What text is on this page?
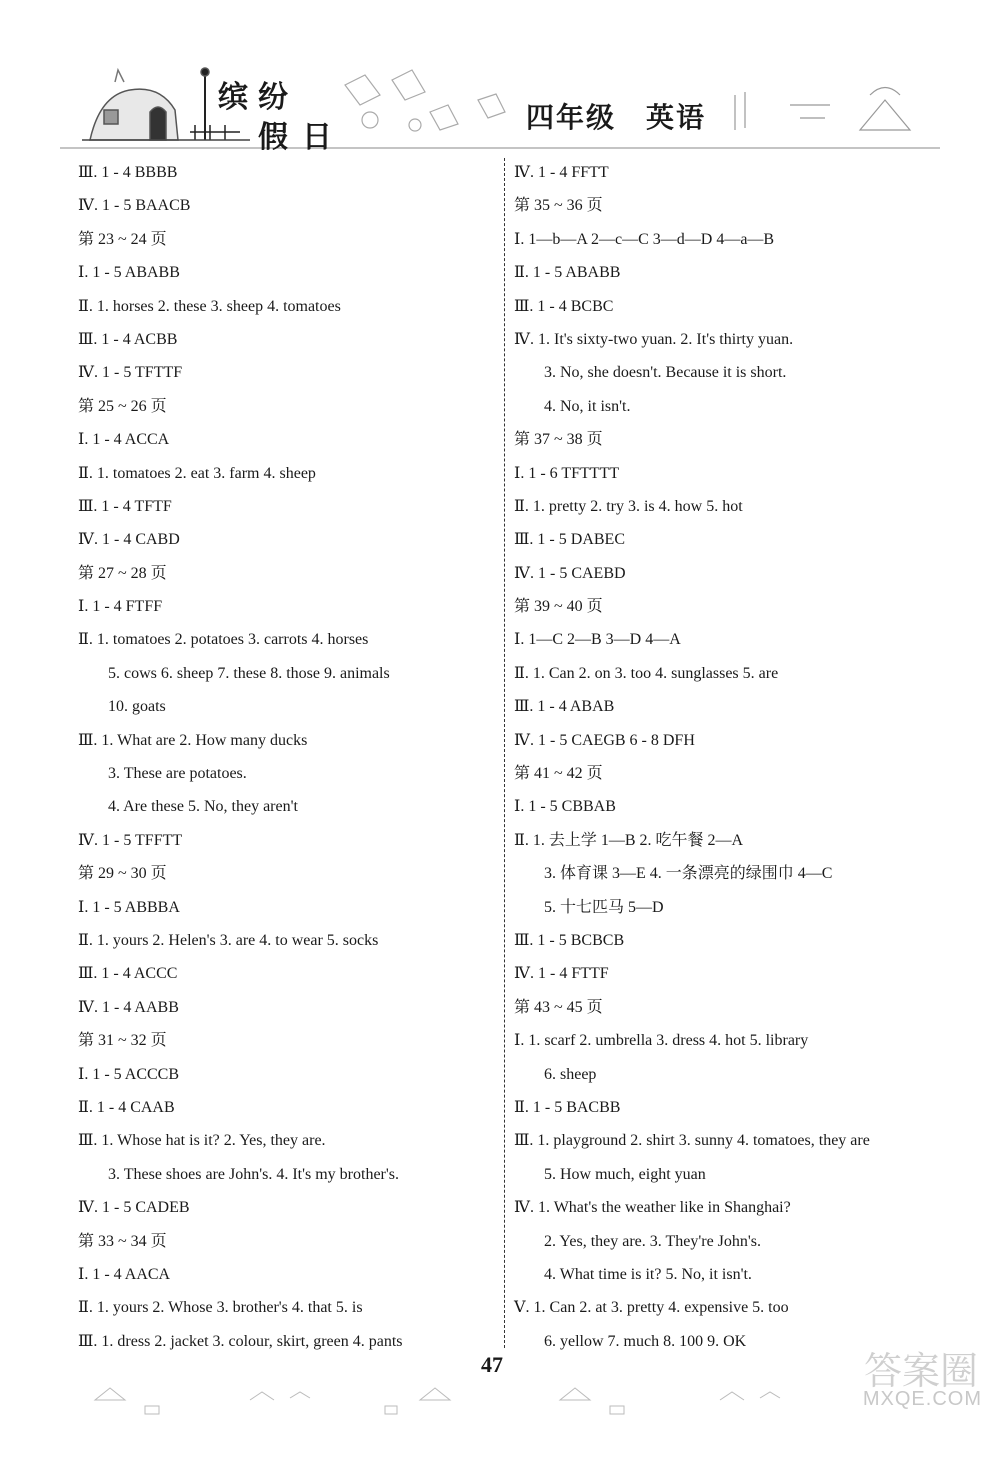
缤纷
假日
四年级 英语
Ⅲ. 1 - 4 BBBB
Ⅳ. 1 - 5 BAACB
第 23 ~ 24 页
Ⅰ. 1 - 5 ABABB
Ⅱ. 1. horses 2. these 3. sheep 4. tomatoes
Ⅲ. 1 - 4 ACBB
Ⅳ. 1 - 5 TFTTF
第 25 ~ 26 页
Ⅰ. 1 - 4 ACCA
Ⅱ. 1. tomatoes 2. eat 3. farm 4. sheep
Ⅲ. 1 - 4 TFTF
Ⅳ. 1 - 4 CABD
第 27 ~ 28 页
Ⅰ. 1 - 4 FTFF
Ⅱ. 1. tomatoes 2. potatoes 3. carrots 4. horses
5. cows 6. sheep 7. these 8. those 9. animals
10. goats
Ⅲ. 1. What are 2. How many ducks
3. These are potatoes.
4. Are these 5. No, they aren't
Ⅳ. 1 - 5 TFFTT
第 29 ~ 30 页
Ⅰ. 1 - 5 ABBBA
Ⅱ. 1. yours 2. Helen's 3. are 4. to wear 5. socks
Ⅲ. 1 - 4 ACCC
Ⅳ. 1 - 4 AABB
第 31 ~ 32 页
Ⅰ. 1 - 5 ACCCB
Ⅱ. 1 - 4 CAAB
Ⅲ. 1. Whose hat is it? 2. Yes, they are.
3. These shoes are John's. 4. It's my brother's.
Ⅳ. 1 - 5 CADEB
第 33 ~ 34 页
Ⅰ. 1 - 4 AACA
Ⅱ. 1. yours 2. Whose 3. brother's 4. that 5. is
Ⅲ. 1. dress 2. jacket 3. colour, skirt, green 4. pants
Ⅳ. 1 - 4 FFTT
第 35 ~ 36 页
Ⅰ. 1—b—A 2—c—C 3—d—D 4—a—B
Ⅱ. 1 - 5 ABABB
Ⅲ. 1 - 4 BCBC
Ⅳ. 1. It's sixty-two yuan. 2. It's thirty yuan.
3. No, she doesn't. Because it is short.
4. No, it isn't.
第 37 ~ 38 页
Ⅰ. 1 - 6 TFTTTT
Ⅱ. 1. pretty 2. try 3. is 4. how 5. hot
Ⅲ. 1 - 5 DABEC
Ⅳ. 1 - 5 CAEBD
第 39 ~ 40 页
Ⅰ. 1—C 2—B 3—D 4—A
Ⅱ. 1. Can 2. on 3. too 4. sunglasses 5. are
Ⅲ. 1 - 4 ABAB
Ⅳ. 1 - 5 CAEGB 6 - 8 DFH
第 41 ~ 42 页
Ⅰ. 1 - 5 CBBAB
Ⅱ. 1. 去上学 1—B 2. 吃午餐 2—A
3. 体育课 3—E 4. 一条漂亮的绿围巾 4—C
5. 十七匹马 5—D
Ⅲ. 1 - 5 BCBCB
Ⅳ. 1 - 4 FTTF
第 43 ~ 45 页
Ⅰ. 1. scarf 2. umbrella 3. dress 4. hot 5. library
6. sheep
Ⅱ. 1 - 5 BACBB
Ⅲ. 1. playground 2. shirt 3. sunny 4. tomatoes, they are
5. How much, eight yuan
Ⅳ. 1. What's the weather like in Shanghai?
2. Yes, they are. 3. They're John's.
4. What time is it? 5. No, it isn't.
Ⅴ. 1. Can 2. at 3. pretty 4. expensive 5. too
6. yellow 7. much 8. 100 9. OK
47	答案圈
MXQE.COM
